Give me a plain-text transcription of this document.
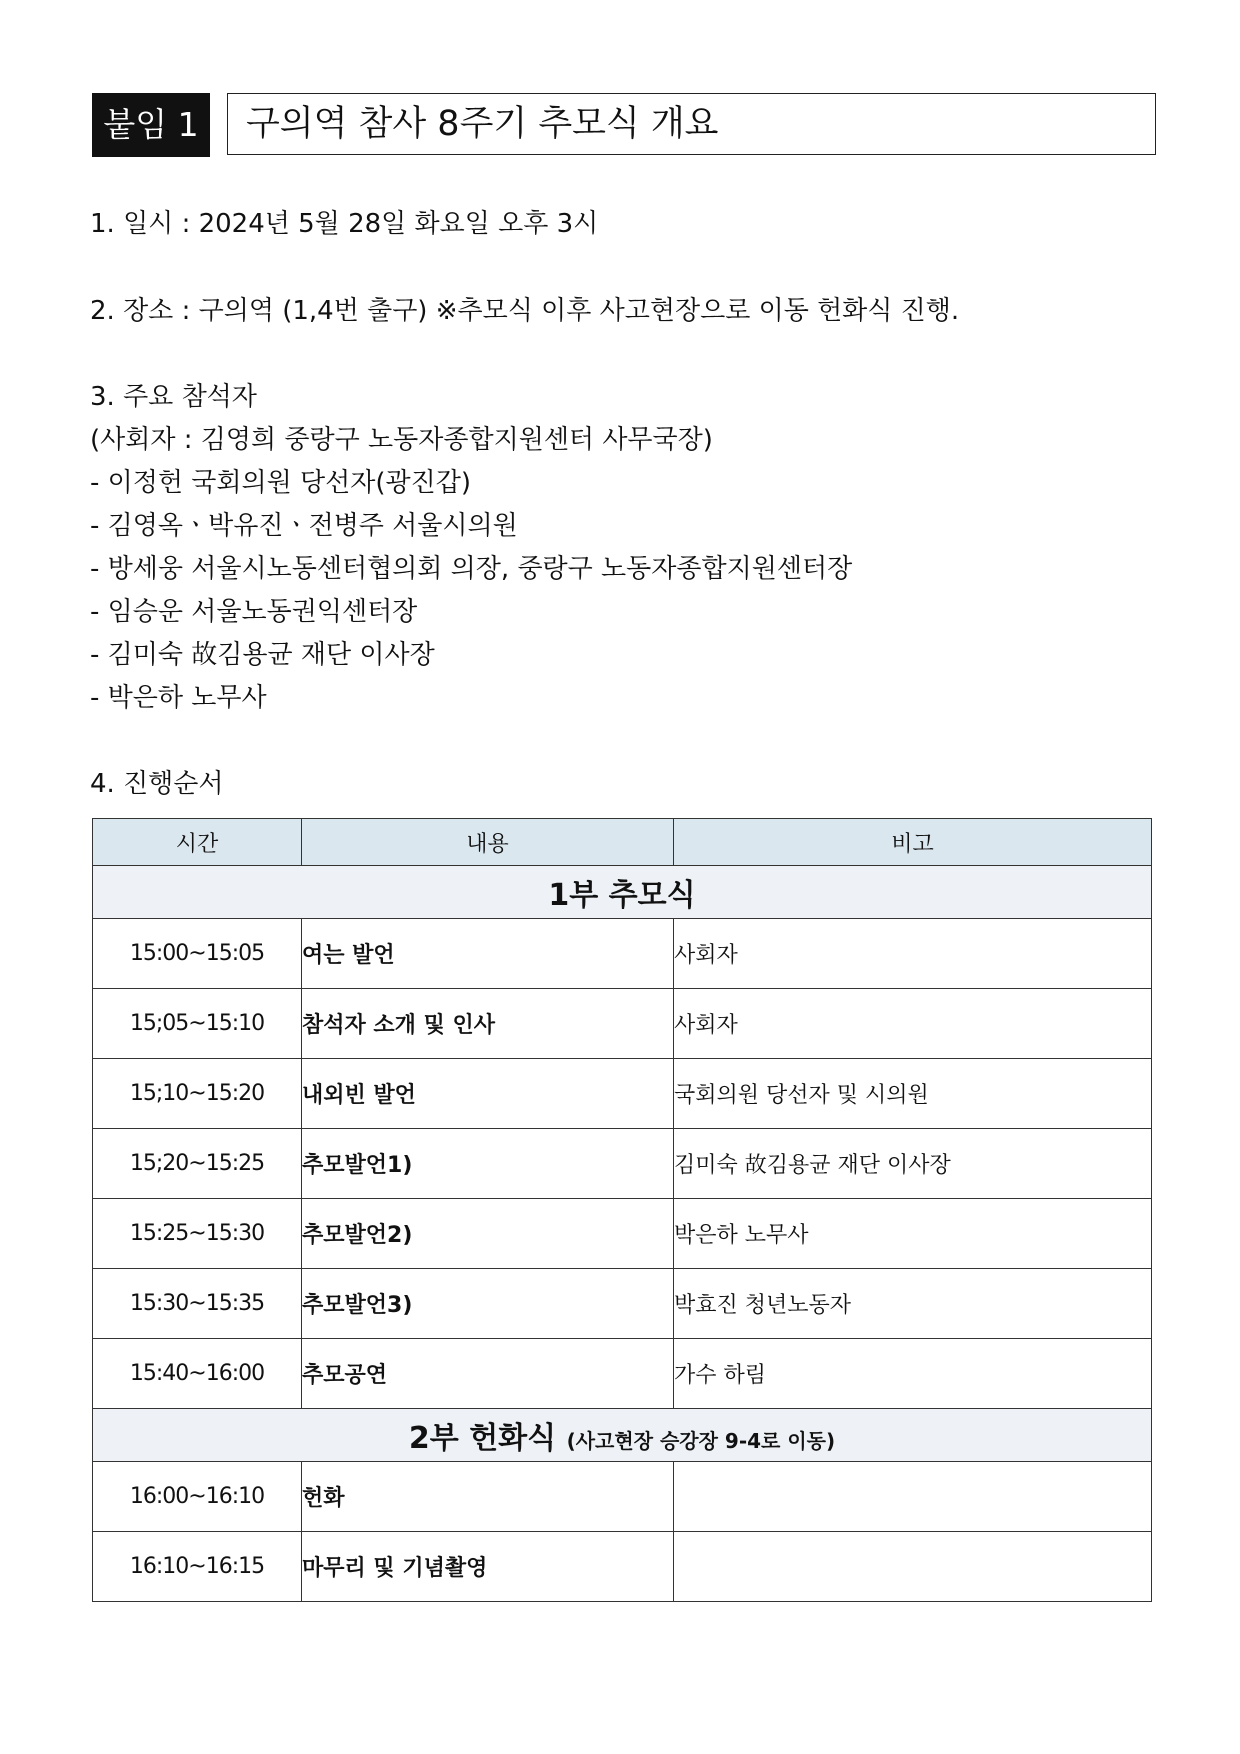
붙임 1	구의역 참사 8주기 추모식 개요
1. 일시 : 2024년 5월 28일 화요일 오후 3시
2. 장소 : 구의역 (1,4번 출구) ※추모식 이후 사고현장으로 이동 헌화식 진행.
3. 주요 참석자
(사회자 : 김영희 중랑구 노동자종합지원센터 사무국장)
- 이정헌 국회의원 당선자(광진갑)
- 김영옥ㆍ박유진ㆍ전병주 서울시의원
- 방세웅 서울시노동센터협의회 의장, 중랑구 노동자종합지원센터장
- 임승운 서울노동권익센터장
- 김미숙 故김용균 재단 이사장
- 박은하 노무사
4. 진행순서
시간	내용	비고
1부 추모식		
15:00~15:05	여는 발언	사회자
15;05~15:10	참석자 소개 및 인사	사회자
15;10~15:20	내외빈 발언	국회의원 당선자 및 시의원
15;20~15:25	추모발언1)	김미숙 故김용균 재단 이사장
15:25~15:30	추모발언2)	박은하 노무사
15:30~15:35	추모발언3)	박효진 청년노동자
15:40~16:00	추모공연	가수 하림
2부 헌화식 (사고현장 승강장 9-4로 이동)		
16:00~16:10	헌화	
16:10~16:15	마무리 및 기념촬영	
